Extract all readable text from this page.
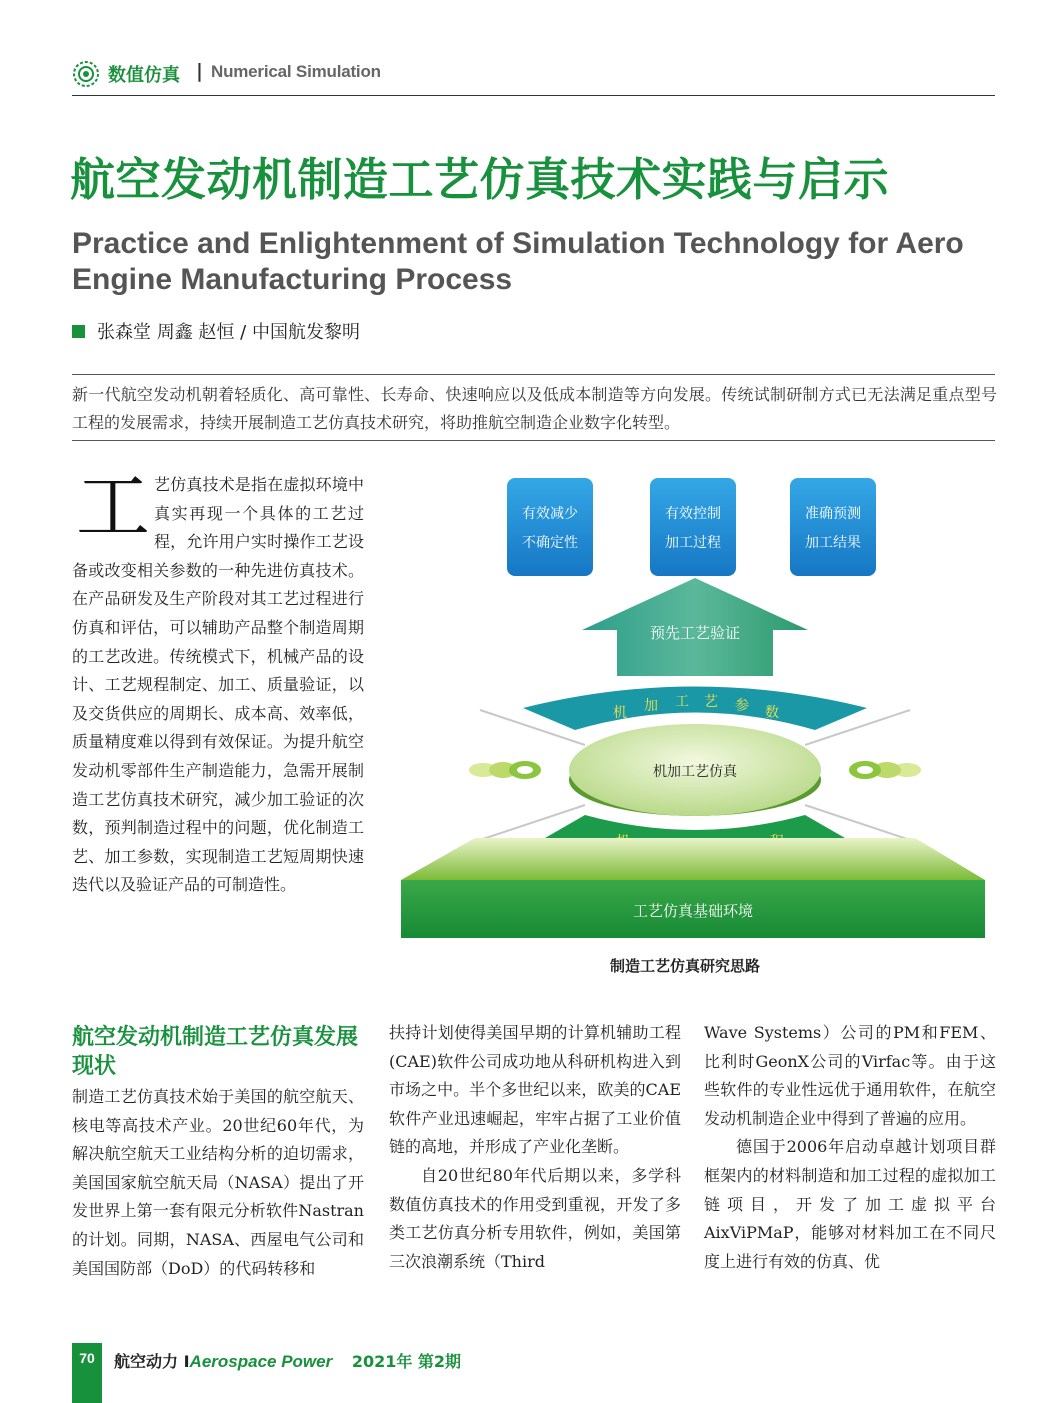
数值仿真 | Numerical Simulation
航空发动机制造工艺仿真技术实践与启示
Practice and Enlightenment of Simulation Technology for Aero Engine Manufacturing Process
张森堂 周鑫 赵恒 / 中国航发黎明
新一代航空发动机朝着轻质化、高可靠性、长寿命、快速响应以及低成本制造等方向发展。传统试制研制方式已无法满足重点型号工程的发展需求，持续开展制造工艺仿真技术研究，将助推航空制造企业数字化转型。
工 艺仿真技术是指在虚拟环境中真实再现一个具体的工艺过程，允许用户实时操作工艺设备或改变相关参数的一种先进仿真技术。在产品研发及生产阶段对其工艺过程进行仿真和评估，可以辅助产品整个制造周期的工艺改进。传统模式下，机械产品的设计、工艺规程制定、加工、质量验证，以及交货供应的周期长、成本高、效率低，质量精度难以得到有效保证。为提升航空发动机零部件生产制造能力，急需开展制造工艺仿真技术研究，减少加工验证的次数，预判制造过程中的问题，优化制造工艺、加工参数，实现制造工艺短周期快速迭代以及验证产品的可制造性。
有效减少
不确定性
有效控制
加工过程
准确预测
加工结果
预先工艺验证
机 加 工 艺 参 数
机加工艺仿真
工艺仿真基础环境
制造工艺仿真研究思路
航空发动机制造工艺仿真发展现状

制造工艺仿真技术始于美国的航空航天、核电等高技术产业。20世纪60年代，为解决航空航天工业结构分析的迫切需求，美国国家航空航天局（NASA）提出了开发世界上第一套有限元分析软件Nastran的计划。同期，NASA、西屋电气公司和美国国防部（DoD）的代码转移和

扶持计划使得美国早期的计算机辅助工程(CAE)软件公司成功地从科研机构进入到市场之中。半个多世纪以来，欧美的CAE软件产业迅速崛起，牢牢占据了工业价值链的高地，并形成了产业化垄断。

自20世纪80年代后期以来，多学科数值仿真技术的作用受到重视，开发了多类工艺仿真分析专用软件，例如，美国第三次浪潮系统（Third

Wave Systems）公司的PM和FEM、比利时GeonX公司的Virfac等。由于这些软件的专业性远优于通用软件，在航空发动机制造企业中得到了普遍的应用。

德国于2006年启动卓越计划项目群框架内的材料制造和加工过程的虚拟加工链项目，开发了加工虚拟平台AixViPMaP，能够对材料加工在不同尺度上进行有效的仿真、优

70	航空动力 IAerospace Power 2021年 第2期
